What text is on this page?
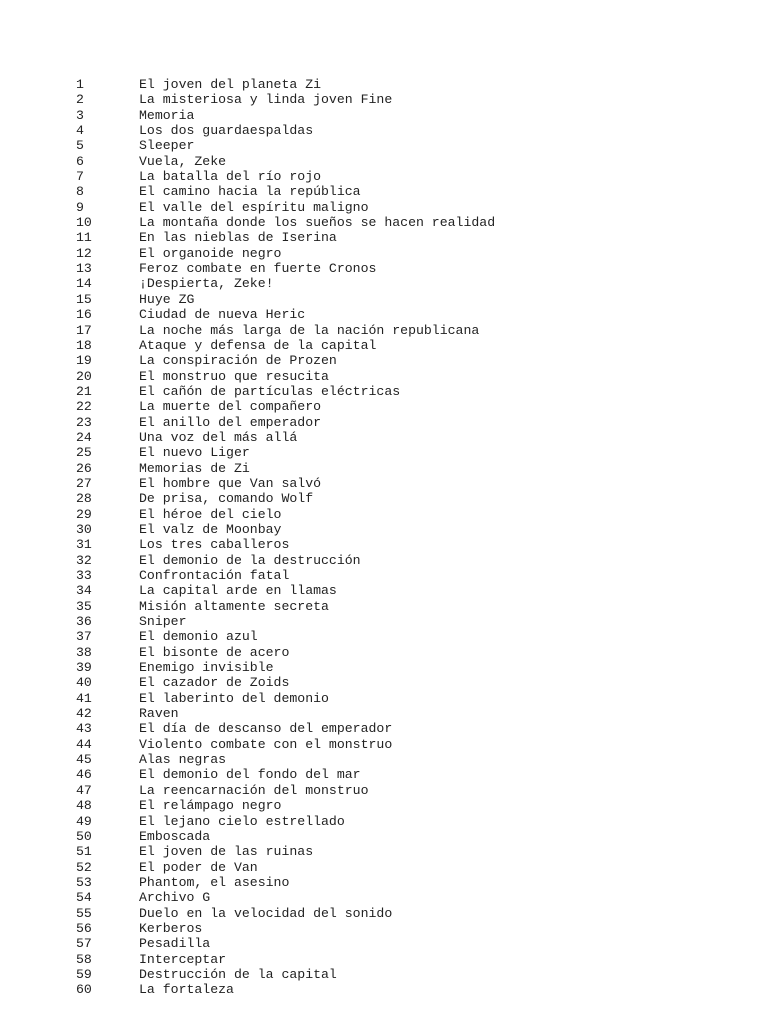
1	El joven del planeta Zi
2	La misteriosa y linda joven Fine
3	Memoria
4	Los dos guardaespaldas
5	Sleeper
6	Vuela, Zeke
7	La batalla del río rojo
8	El camino hacia la república
9	El valle del espíritu maligno
10	La montaña donde los sueños se hacen realidad
11	En las nieblas de Iserina
12	El organoide negro
13	Feroz combate en fuerte Cronos
14	¡Despierta, Zeke!
15	Huye ZG
16	Ciudad de nueva Heric
17	La noche más larga de la nación republicana
18	Ataque y defensa de la capital
19	La conspiración de Prozen
20	El monstruo que resucita
21	El cañón de partículas eléctricas
22	La muerte del compañero
23	El anillo del emperador
24	Una voz del más allá
25	El nuevo Liger
26	Memorias de Zi
27	El hombre que Van salvó
28	De prisa, comando Wolf
29	El héroe del cielo
30	El valz de Moonbay
31	Los tres caballeros
32	El demonio de la destrucción
33	Confrontación fatal
34	La capital arde en llamas
35	Misión altamente secreta
36	Sniper
37	El demonio azul
38	El bisonte de acero
39	Enemigo invisible
40	El cazador de Zoids
41	El laberinto del demonio
42	Raven
43	El día de descanso del emperador
44	Violento combate con el monstruo
45	Alas negras
46	El demonio del fondo del mar
47	La reencarnación del monstruo
48	El relámpago negro
49	El lejano cielo estrellado
50	Emboscada
51	El joven de las ruinas
52	El poder de Van
53	Phantom, el asesino
54	Archivo G
55	Duelo en la velocidad del sonido
56	Kerberos
57	Pesadilla
58	Interceptar
59	Destrucción de la capital
60	La fortaleza
